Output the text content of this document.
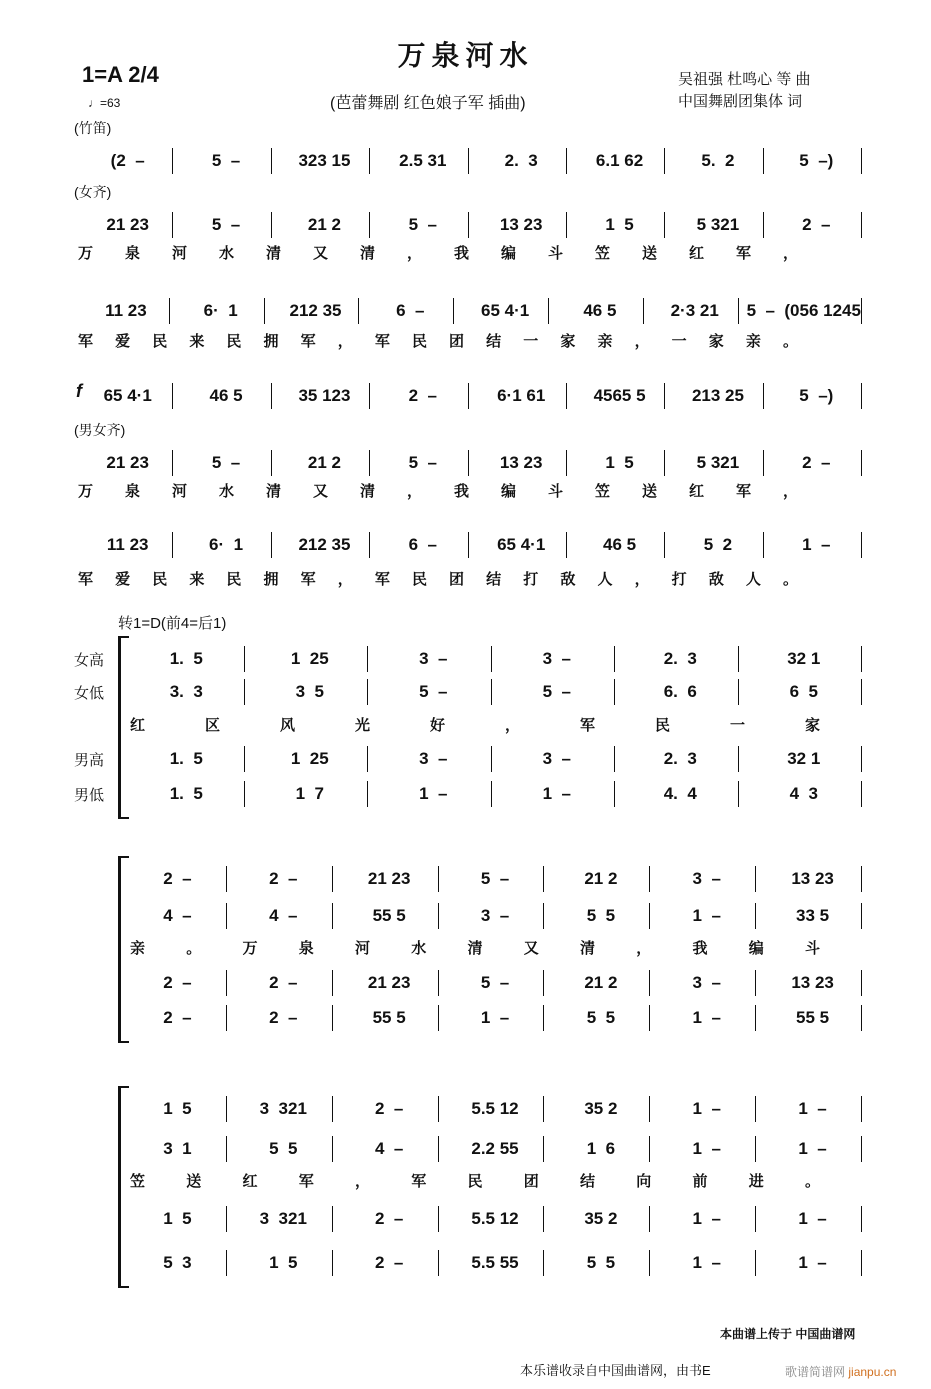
万泉河水
(芭蕾舞剧 红色娘子军 插曲)
1=A 2/4
♩=63
吴祖强 杜鸣心 等 曲
中国舞剧团集体 词
(竹笛)
(2  –	5  –	323 15	2.5 31	2.  3	6.1 62	5.  2	5  –)
(女齐)
21 23	5  –	21 2	5  –	13 23	1  5	5 321	2  –
万泉河水清又清，我编斗笠送红军，
11 23	6·  1	212 35	6  –	65 4·1	46 5	2·3 21	5  –  (056 1245
军爱民来民拥军，军民团结一家亲，一家亲。
f	65 4·1	46 5	35 123	2  –	6·1 61	4565 5	213 25	5  –)
(男女齐)
21 23	5  –	21 2	5  –	13 23	1  5	5 321	2  –
万泉河水清又清，我编斗笠送红军，
11 23	6·  1	212 35	6  –	65 4·1	46 5	5  2	1  –
军爱民来民拥军，军民团结打敌人，打敌人。
转1=D(前4=后1)
女高	1.  5	1  25	3  –	3  –	2.  3	32 1
女低	3.  3	3  5	5  –	5  –	6.  6	6  5
红区风光好，军民一家
男高	1.  5	1  25	3  –	3  –	2.  3	32 1
男低	1.  5	1  7	1  –	1  –	4.  4	4  3
2  –	2  –	21 23	5  –	21 2	3  –	13 23
4  –	4  –	55 5	3  –	5  5	1  –	33 5
亲。万泉河水清又清，我编斗
2  –	2  –	21 23	5  –	21 2	3  –	13 23
2  –	2  –	55 5	1  –	5  5	1  –	55 5
1  5	3  321	2  –	5.5 12	35 2	1  –	1  –
3  1	5  5	4  –	2.2 55	1  6	1  –	1  –
笠送红军，军民团结向前进。
1  5	3  321	2  –	5.5 12	35 2	1  –	1  –
5  3	1  5	2  –	5.5 55	5  5	1  –	1  –
本曲谱上传于 中国曲谱网
本乐谱收录自中国曲谱网，由书E	歌谱简谱网 jianpu.cn
